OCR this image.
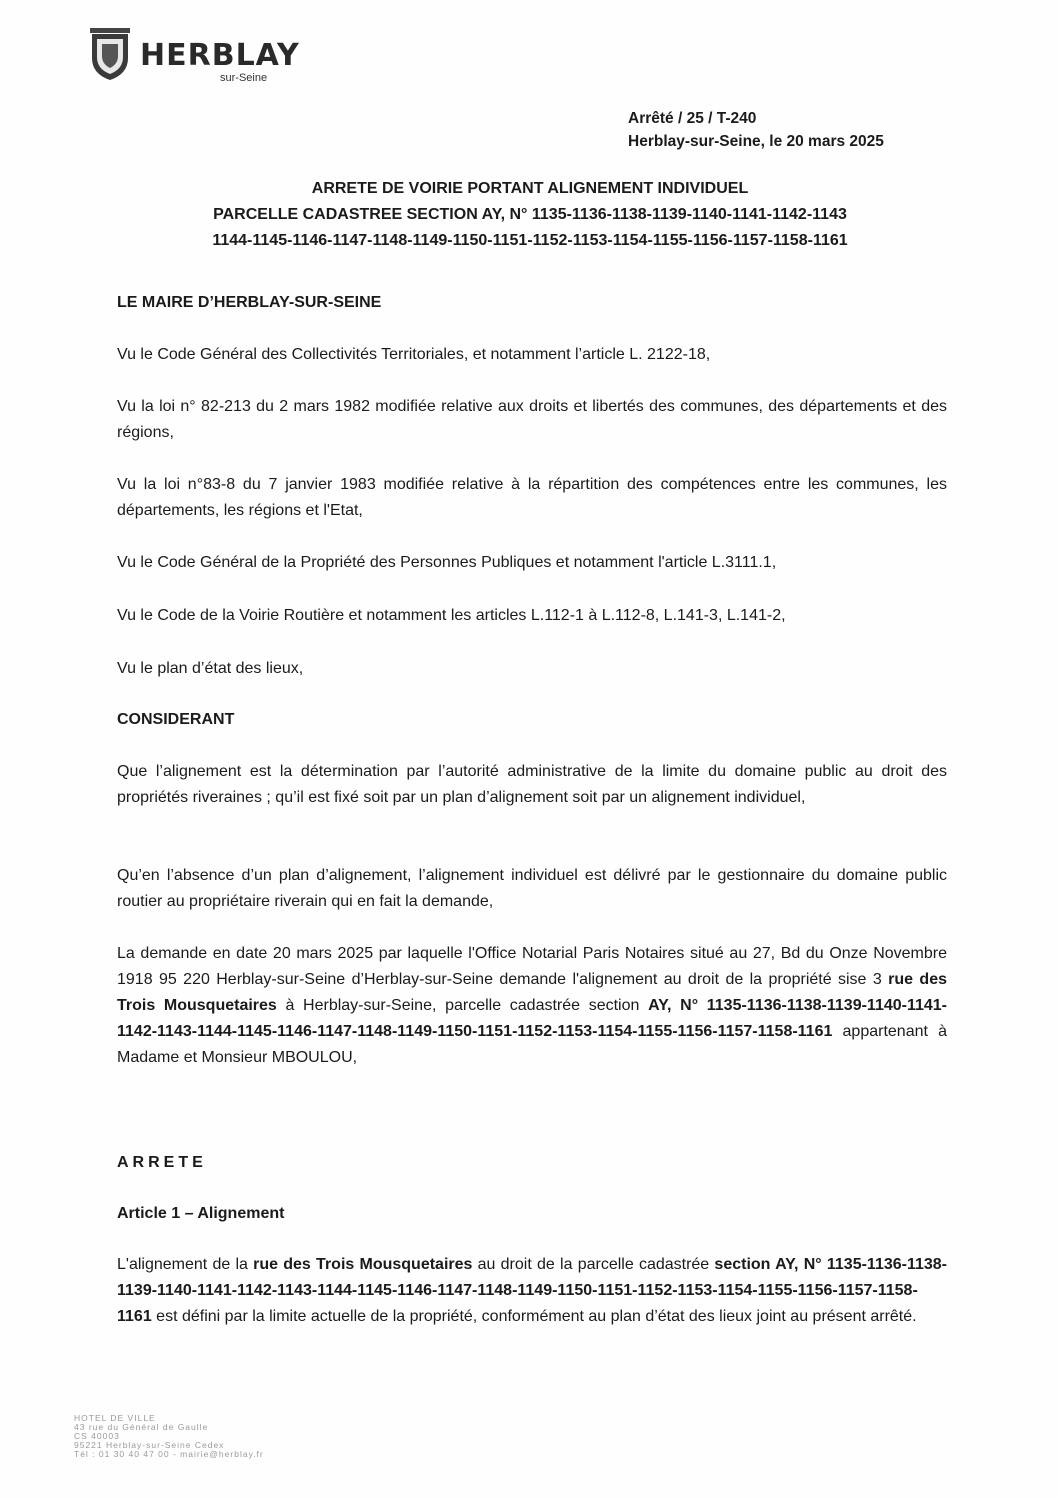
HERBLAY
sur-Seine
Arrêté / 25 / T-240
Herblay-sur-Seine, le 20 mars 2025
ARRETE DE VOIRIE PORTANT ALIGNEMENT INDIVIDUEL
PARCELLE CADASTREE SECTION AY, N° 1135-1136-1138-1139-1140-1141-1142-1143
1144-1145-1146-1147-1148-1149-1150-1151-1152-1153-1154-1155-1156-1157-1158-1161
LE MAIRE D’HERBLAY-SUR-SEINE
Vu le Code Général des Collectivités Territoriales, et notamment l’article L. 2122-18,
Vu la loi n° 82-213 du 2 mars 1982 modifiée relative aux droits et libertés des communes, des départements et des régions,
Vu la loi n°83-8 du 7 janvier 1983 modifiée relative à la répartition des compétences entre les communes, les départements, les régions et l'Etat,
Vu le Code Général de la Propriété des Personnes Publiques et notamment l'article L.3111.1,
Vu le Code de la Voirie Routière et notamment les articles L.112-1 à L.112-8, L.141-3, L.141-2,
Vu le plan d’état des lieux,
CONSIDERANT
Que l’alignement est la détermination par l’autorité administrative de la limite du domaine public au droit des propriétés riveraines ; qu’il est fixé soit par un plan d’alignement soit par un alignement individuel,
Qu’en l’absence d’un plan d’alignement, l’alignement individuel est délivré par le gestionnaire du domaine public routier au propriétaire riverain qui en fait la demande,
La demande en date 20 mars 2025 par laquelle l'Office Notarial Paris Notaires situé au 27, Bd du Onze Novembre 1918 95 220 Herblay-sur-Seine d’Herblay-sur-Seine demande l'alignement au droit de la propriété sise 3 rue des Trois Mousquetaires à Herblay-sur-Seine, parcelle cadastrée section AY, N° 1135-1136-1138-1139-1140-1141-1142-1143-1144-1145-1146-1147-1148-1149-1150-1151-1152-1153-1154-1155-1156-1157-1158-1161 appartenant à Madame et Monsieur MBOULOU,
ARRETE
Article 1 – Alignement
L'alignement de la rue des Trois Mousquetaires au droit de la parcelle cadastrée section AY, N° 1135-1136-1138-1139-1140-1141-1142-1143-1144-1145-1146-1147-1148-1149-1150-1151-1152-1153-1154-1155-1156-1157-1158-1161 est défini par la limite actuelle de la propriété, conformément au plan d’état des lieux joint au présent arrêté.
HOTEL DE VILLE
43 rue du Général de Gaulle
CS 40003
95221 Herblay-sur-Seine Cedex
Tél : 01 30 40 47 00 - mairie@herblay.fr
